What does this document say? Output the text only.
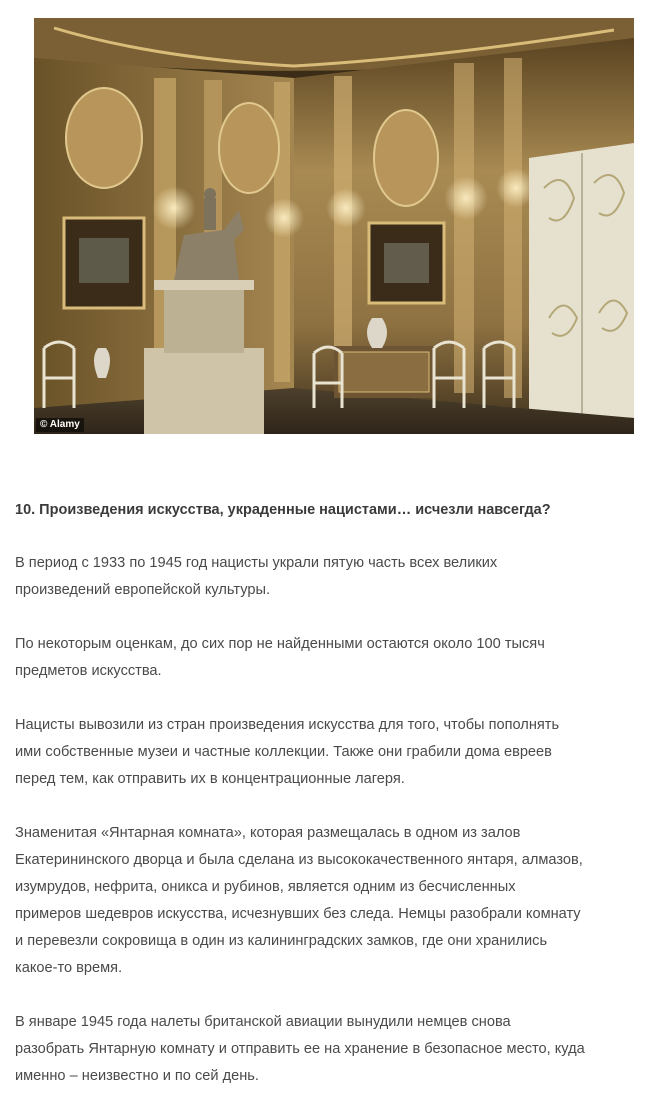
© Alamy
10. Произведения искусства, украденные нацистами… исчезли навсегда?

В период с 1933 по 1945 год нацисты украли пятую часть всех великих
произведений европейской культуры.

По некоторым оценкам, до сих пор не найденными остаются около 100 тысяч
предметов искусства.

Нацисты вывозили из стран произведения искусства для того, чтобы пополнять
ими собственные музеи и частные коллекции. Также они грабили дома евреев
перед тем, как отправить их в концентрационные лагеря.

Знаменитая «Янтарная комната», которая размещалась в одном из залов
Екатерининского дворца и была сделана из высококачественного янтаря, алмазов,
изумрудов, нефрита, оникса и рубинов, является одним из бесчисленных
примеров шедевров искусства, исчезнувших без следа. Немцы разобрали комнату
и перевезли сокровища в один из калининградских замков, где они хранились
какое-то время.

В январе 1945 года налеты британской авиации вынудили немцев снова
разобрать Янтарную комнату и отправить ее на хранение в безопасное место, куда
именно – неизвестно и по сей день.
